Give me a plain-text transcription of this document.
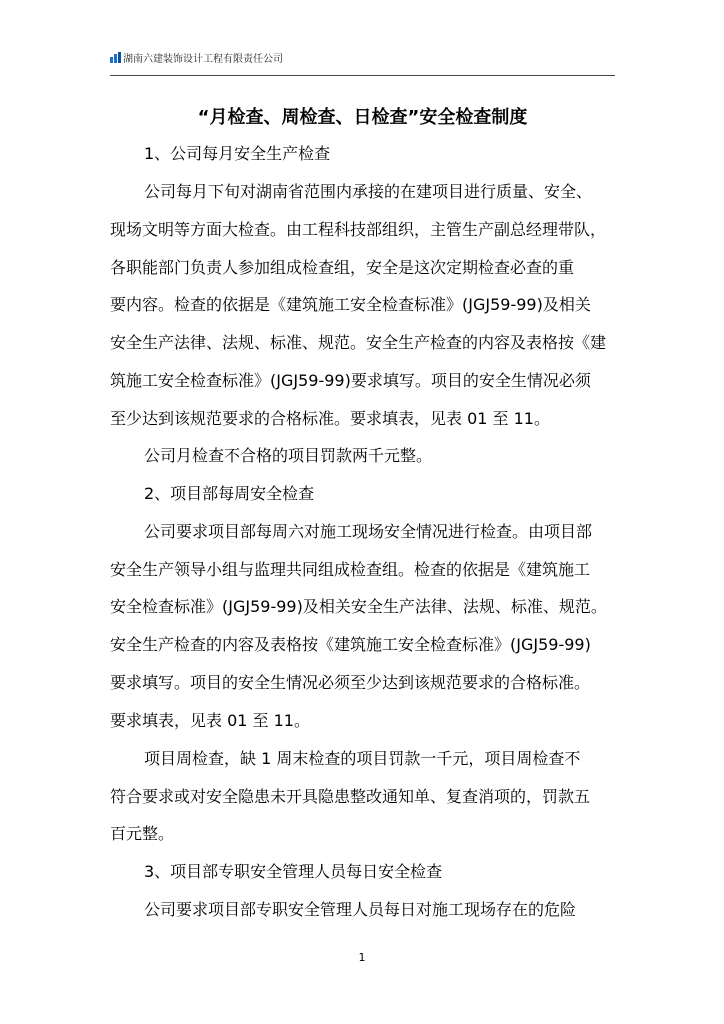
湖南六建装饰设计工程有限责任公司
“月检查、周检查、日检查”安全检查制度
1、公司每月安全生产检查
公司每月下旬对湖南省范围内承接的在建项目进行质量、安全、
现场文明等方面大检查。由工程科技部组织，主管生产副总经理带队，
各职能部门负责人参加组成检查组，安全是这次定期检查必查的重
要内容。检查的依据是《建筑施工安全检查标准》(JGJ59-99)及相关
安全生产法律、法规、标准、规范。安全生产检查的内容及表格按《建
筑施工安全检查标准》(JGJ59-99)要求填写。项目的安全生情况必须
至少达到该规范要求的合格标准。要求填表，见表 01 至 11。
公司月检查不合格的项目罚款两千元整。
2、项目部每周安全检查
公司要求项目部每周六对施工现场安全情况进行检查。由项目部
安全生产领导小组与监理共同组成检查组。检查的依据是《建筑施工
安全检查标准》(JGJ59-99)及相关安全生产法律、法规、标准、规范。
安全生产检查的内容及表格按《建筑施工安全检查标准》(JGJ59-99)
要求填写。项目的安全生情况必须至少达到该规范要求的合格标准。
要求填表，见表 01 至 11。
项目周检查，缺 1 周末检查的项目罚款一千元，项目周检查不
符合要求或对安全隐患未开具隐患整改通知单、复查消项的，罚款五
百元整。
3、项目部专职安全管理人员每日安全检查
公司要求项目部专职安全管理人员每日对施工现场存在的危险
1
